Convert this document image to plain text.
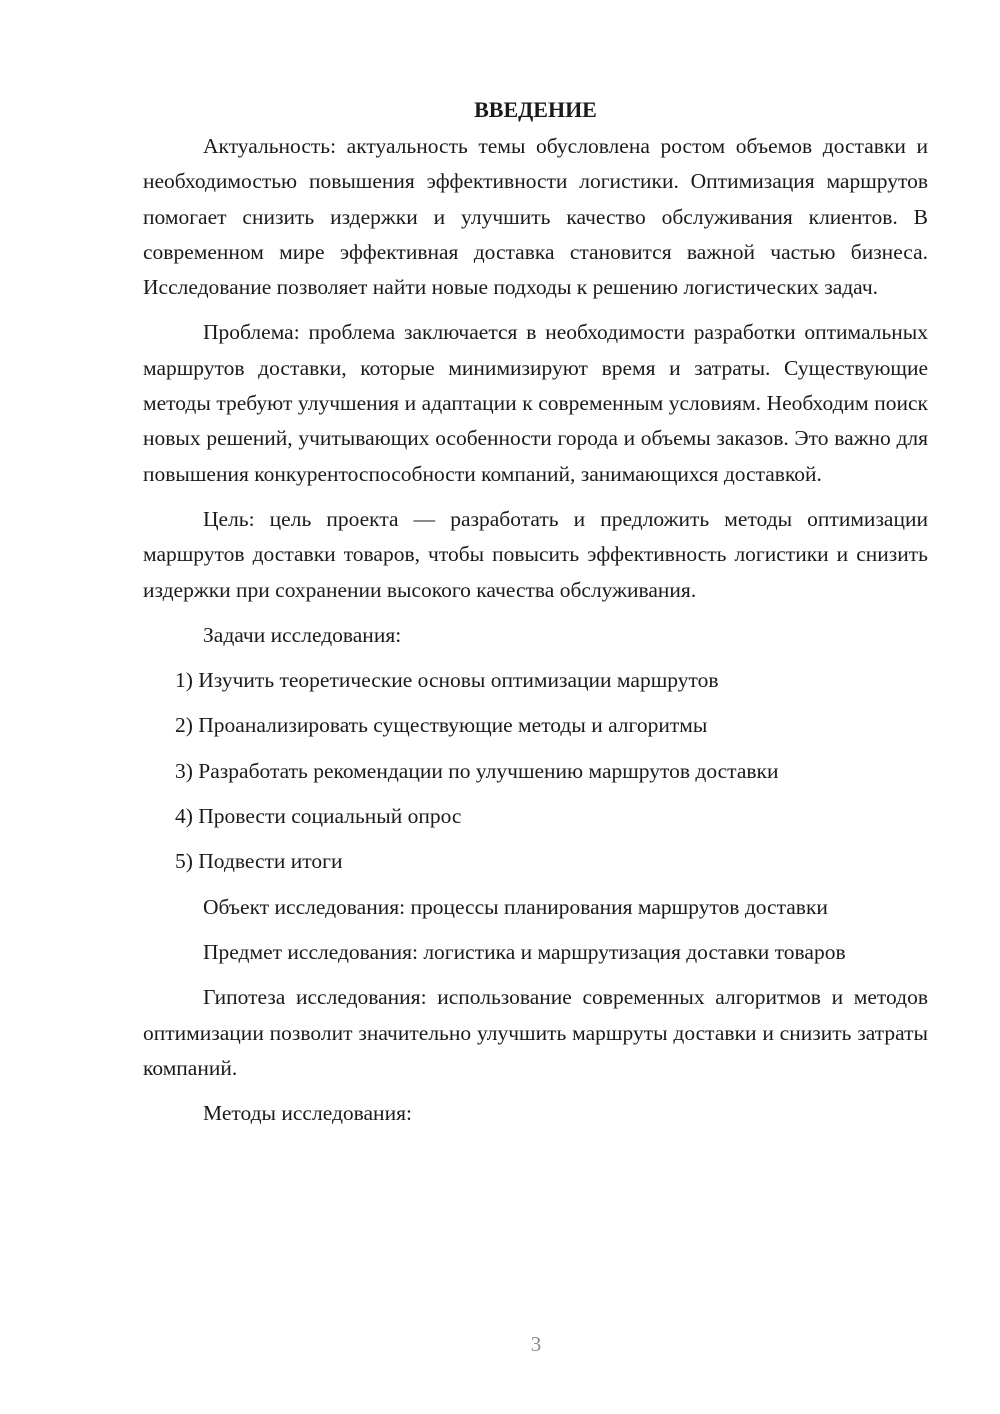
ВВЕДЕНИЕ

Актуальность: актуальность темы обусловлена ростом объемов доставки и необходимостью повышения эффективности логистики. Оптимизация маршрутов помогает снизить издержки и улучшить качество обслуживания клиентов. В современном мире эффективная доставка становится важной частью бизнеса. Исследование позволяет найти новые подходы к решению логистических задач.

Проблема: проблема заключается в необходимости разработки оптимальных маршрутов доставки, которые минимизируют время и затраты. Существующие методы требуют улучшения и адаптации к современным условиям. Необходим поиск новых решений, учитывающих особенности города и объемы заказов. Это важно для повышения конкурентоспособности компаний, занимающихся доставкой.

Цель: цель проекта — разработать и предложить методы оптимизации маршрутов доставки товаров, чтобы повысить эффективность логистики и снизить издержки при сохранении высокого качества обслуживания.

Задачи исследования:

1) Изучить теоретические основы оптимизации маршрутов
2) Проанализировать существующие методы и алгоритмы
3) Разработать рекомендации по улучшению маршрутов доставки
4) Провести социальный опрос
5) Подвести итоги

Объект исследования: процессы планирования маршрутов доставки

Предмет исследования: логистика и маршрутизация доставки товаров

Гипотеза исследования: использование современных алгоритмов и методов оптимизации позволит значительно улучшить маршруты доставки и снизить затраты компаний.

Методы исследования:

3
